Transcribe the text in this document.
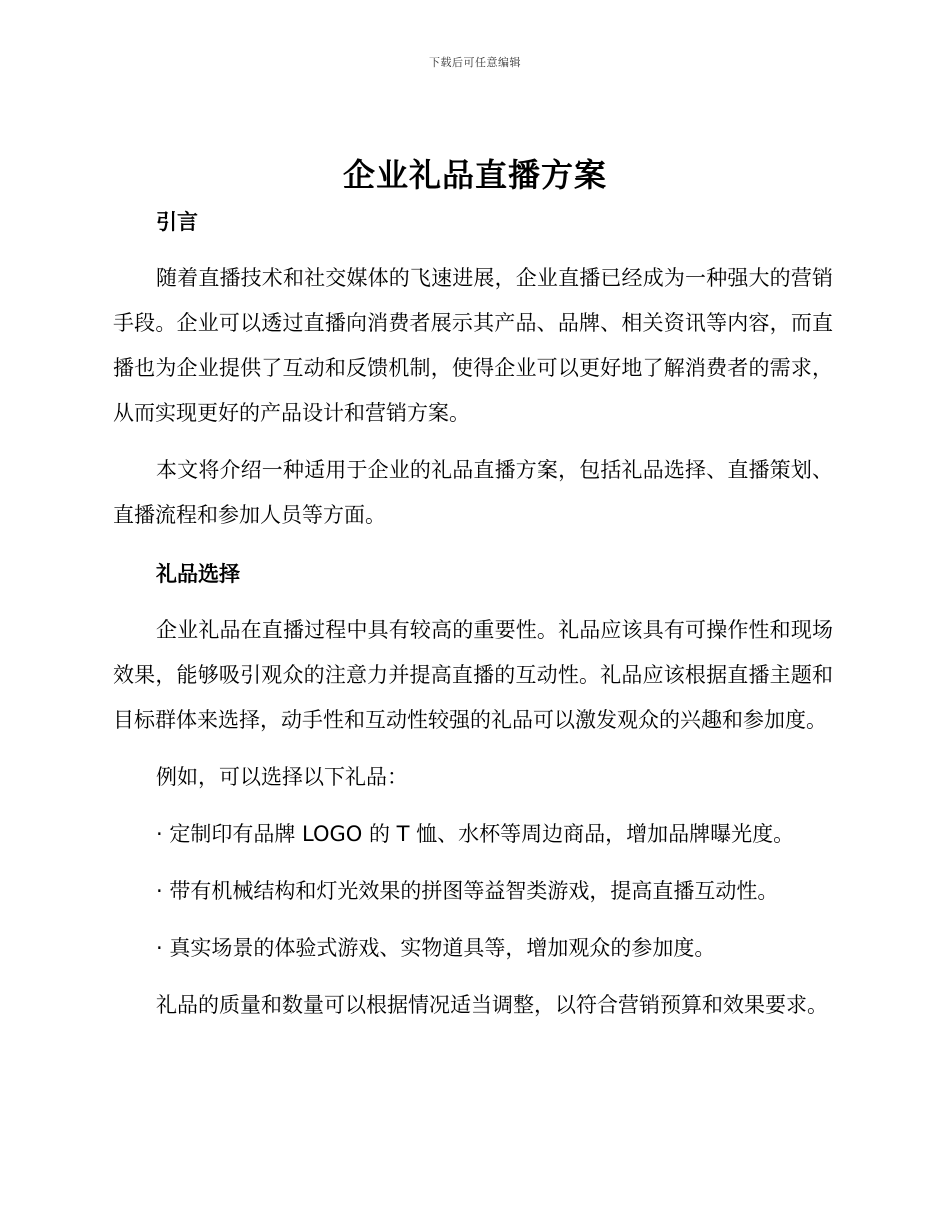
下载后可任意编辑
企业礼品直播方案
引言

随着直播技术和社交媒体的飞速进展，企业直播已经成为一种强大的营销手段。企业可以透过直播向消费者展示其产品、品牌、相关资讯等内容，而直播也为企业提供了互动和反馈机制，使得企业可以更好地了解消费者的需求，从而实现更好的产品设计和营销方案。

本文将介绍一种适用于企业的礼品直播方案，包括礼品选择、直播策划、直播流程和参加人员等方面。

礼品选择

企业礼品在直播过程中具有较高的重要性。礼品应该具有可操作性和现场效果，能够吸引观众的注意力并提高直播的互动性。礼品应该根据直播主题和目标群体来选择，动手性和互动性较强的礼品可以激发观众的兴趣和参加度。

例如，可以选择以下礼品：

· 定制印有品牌 LOGO 的 T 恤、水杯等周边商品，增加品牌曝光度。

· 带有机械结构和灯光效果的拼图等益智类游戏，提高直播互动性。

· 真实场景的体验式游戏、实物道具等，增加观众的参加度。

礼品的质量和数量可以根据情况适当调整，以符合营销预算和效果要求。
